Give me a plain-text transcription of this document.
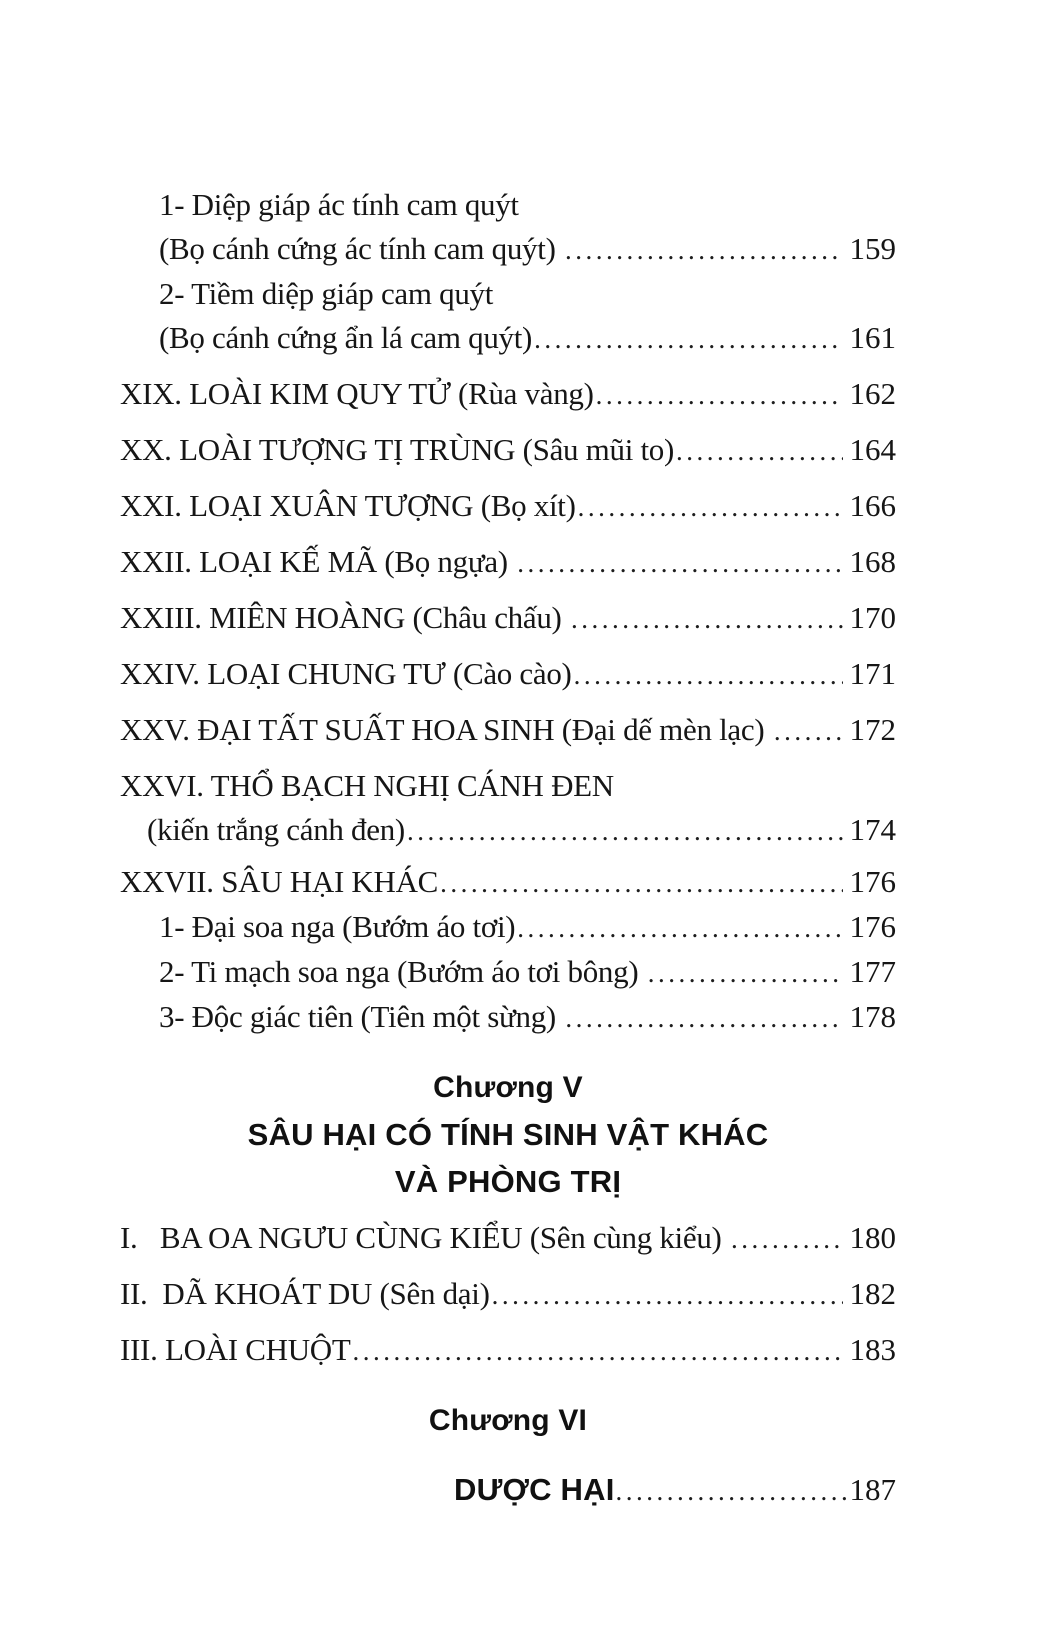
1- Diệp giáp ác tính cam quýt
(Bọ cánh cứng ác tính cam quýt) .....	159
2- Tiềm diệp giáp cam quýt
(Bọ cánh cứng ẩn lá cam quýt) .....	161
XIX. LOÀI KIM QUY TỬ (Rùa vàng) .....	162
XX. LOÀI TƯỢNG TỊ TRÙNG (Sâu mũi to) .....	164
XXI. LOẠI XUÂN TƯỢNG (Bọ xít) .....	166
XXII. LOẠI KẾ MÃ (Bọ ngựa) .....	168
XXIII. MIÊN HOÀNG (Châu chấu) .....	170
XXIV. LOẠI CHUNG TƯ (Cào cào) .....	171
XXV. ĐẠI TẤT SUẤT HOA SINH (Đại dế mèn lạc) .....	172
XXVI. THỔ BẠCH NGHỊ CÁNH ĐEN
(kiến trắng cánh đen) .....	174
XXVII. SÂU HẠI KHÁC .....	176
1- Đại soa nga (Bướm áo tơi) .....	176
2- Ti mạch soa nga (Bướm áo tơi bông) .....	177
3- Độc giác tiên (Tiên một sừng) .....	178
Chương V
SÂU HẠI CÓ TÍNH SINH VẬT KHÁC
VÀ PHÒNG TRỊ
I.   BA OA NGƯU CÙNG KIỂU (Sên cùng kiểu) .....	180
II.  DÃ KHOÁT DU (Sên dại) .....	182
III. LOÀI CHUỘT .....	183
Chương VI
DƯỢC HẠI .....	187
